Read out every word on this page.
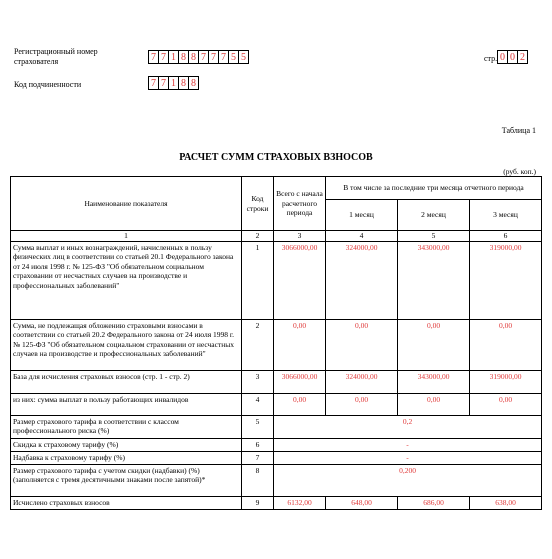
Регистрационный номер
страхователя	7 7 1 8 8 7 7 7 5 5	стр. 0 0 2
Код подчиненности	7 7 1 8 8
Таблица 1
РАСЧЕТ СУММ СТРАХОВЫХ ВЗНОСОВ
(руб. коп.)
Наименование показателя	Код строки	Всего с начала расчетного периода	В том числе за последние три месяца отчетного периода		
			1 месяц	2 месяц	3 месяц
1	2	3	4	5	6
Сумма выплат и иных вознаграждений, начисленных в пользу физических лиц в соответствии со статьей 20.1 Федерального закона от 24 июля 1998 г. № 125-ФЗ "Об обязательном социальном страховании от несчастных случаев на производстве и профессиональных заболеваний"	1	3066000,00	324000,00	343000,00	319000,00
Сумма, не подлежащая обложению страховыми взносами в соответствии со статьей 20.2 Федерального закона от 24 июля 1998 г. № 125-ФЗ "Об обязательном социальном страховании от несчастных случаев на производстве и профессиональных заболеваний"	2	0,00	0,00	0,00	0,00
База для исчисления страховых взносов (стр. 1 - стр. 2)	3	3066000,00	324000,00	343000,00	319000,00
из них: сумма выплат в пользу работающих инвалидов	4	0,00	0,00	0,00	0,00
Размер страхового тарифа в соответствии с классом профессионального риска (%)	5	0,2			
Скидка к страховому тарифу (%)	6	-			
Надбавка к страховому тарифу (%)	7	-			
Размер страхового тарифа с учетом скидки (надбавки) (%) (заполняется с тремя десятичными знаками после запятой)*	8	0,200			
Исчислено страховых взносов	9	6132,00	648,00	686,00	638,00
